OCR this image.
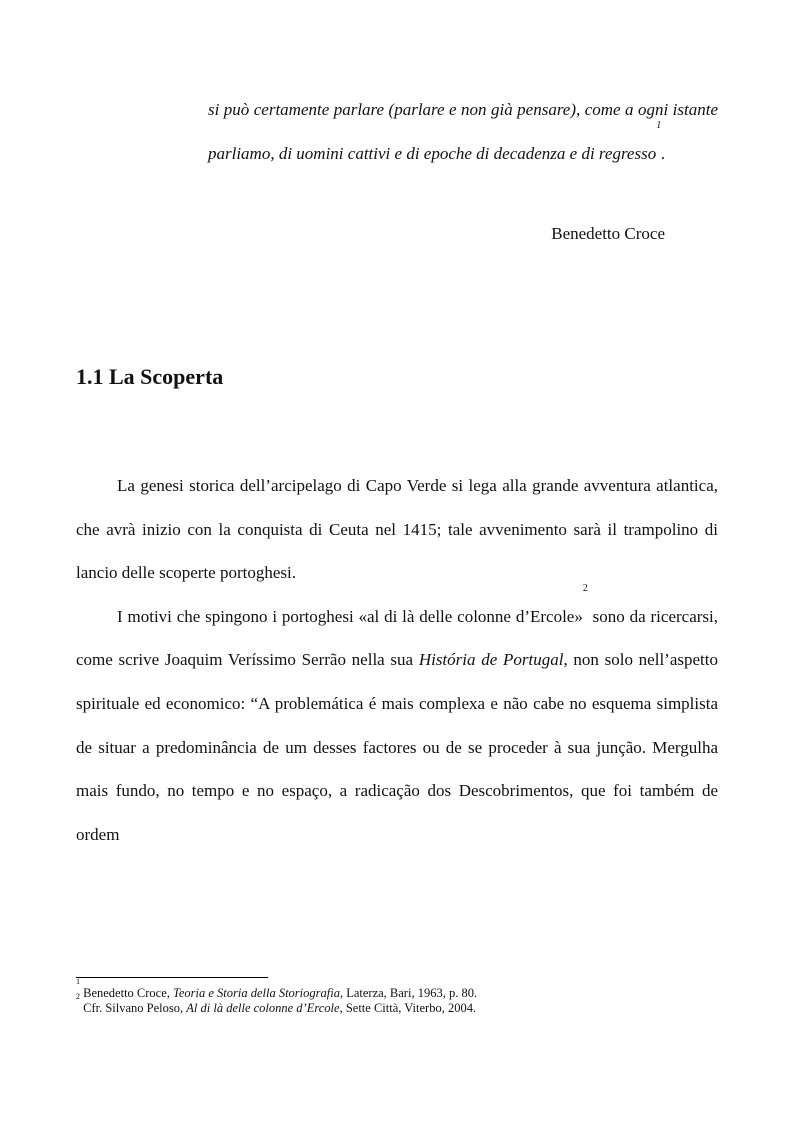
si può certamente parlare (parlare e non già pensare), come a ogni istante parliamo, di uomini cattivi e di epoche di decadenza e di regresso$^1$.
Benedetto Croce
1.1 La Scoperta

La genesi storica dell’arcipelago di Capo Verde si lega alla grande avventura atlantica, che avrà inizio con la conquista di Ceuta nel 1415; tale avvenimento sarà il trampolino di lancio delle scoperte portoghesi.

I motivi che spingono i portoghesi «al di là delle colonne d’Ercole»$^2$ sono da ricercarsi, come scrive Joaquim Veríssimo Serrão nella sua História de Portugal, non solo nell’aspetto spirituale ed economico: “A problemática é mais complexa e não cabe no esquema simplista de situar a predominância de um desses factores ou de se proceder à sua junção. Mergulha mais fundo, no tempo e no espaço, a radicação dos Descobrimentos, que foi também de ordem

$^1$ Benedetto Croce, Teoria e Storia della Storiografia, Laterza, Bari, 1963, p. 80.
$^2$ Cfr. Silvano Peloso, Al di là delle colonne d’Ercole, Sette Città, Viterbo, 2004.
